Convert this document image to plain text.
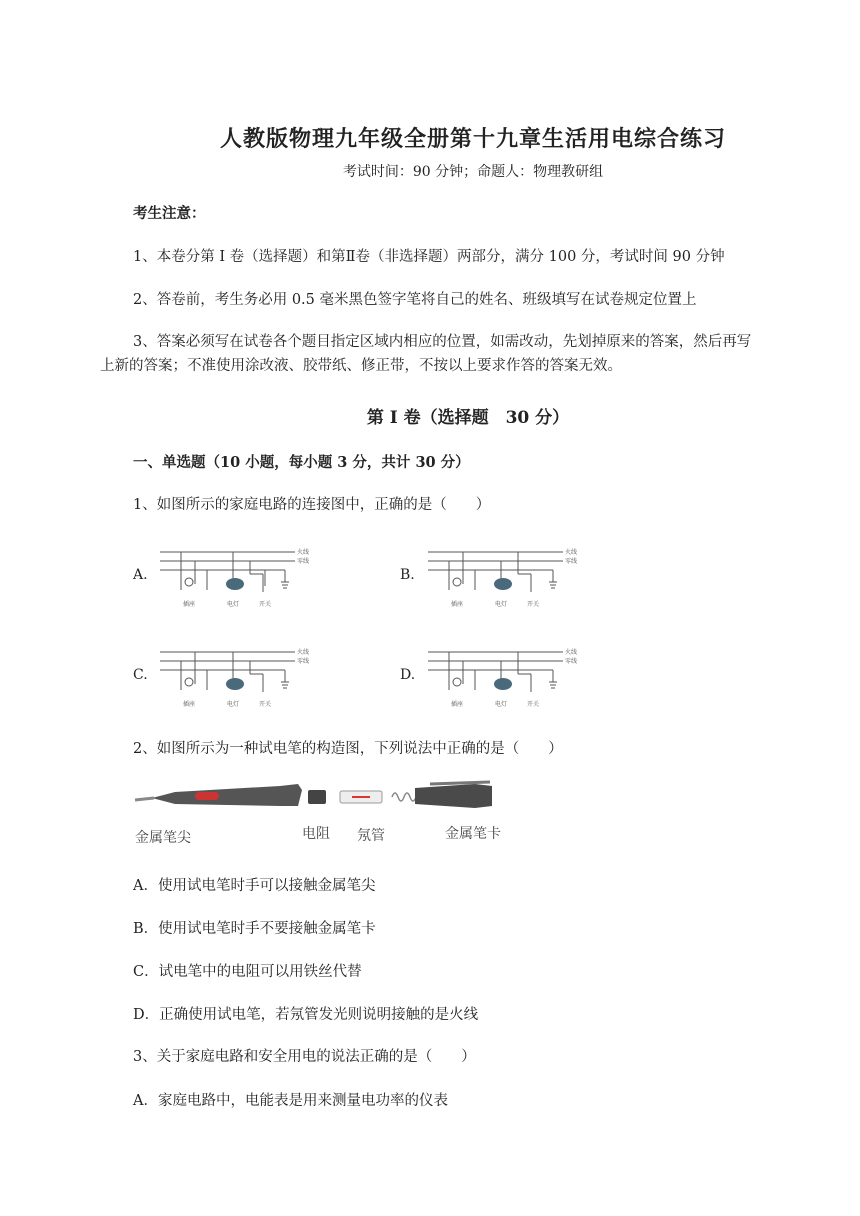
人教版物理九年级全册第十九章生活用电综合练习
考试时间：90 分钟；命题人：物理教研组
考生注意：
1、本卷分第 I 卷（选择题）和第Ⅱ卷（非选择题）两部分，满分 100 分，考试时间 90 分钟
2、答卷前，考生务必用 0.5 毫米黑色签字笔将自己的姓名、班级填写在试卷规定位置上
3、答案必须写在试卷各个题目指定区域内相应的位置，如需改动，先划掉原来的答案，然后再写
上新的答案；不准使用涂改液、胶带纸、修正带，不按以上要求作答的答案无效。
第 I 卷（选择题　30 分）
一、单选题（10 小题，每小题 3 分，共计 30 分）
1、如图所示的家庭电路的连接图中，正确的是（　　）
A.
火线
零线
插座	电灯	开关
B.
火线
零线
插座	电灯	开关
C.
火线
零线
插座	电灯	开关
D.
火线
零线
插座	电灯	开关
2、如图所示为一种试电笔的构造图，下列说法中正确的是（　　）
金属笔尖	电阻 氖管	金属笔卡
A．使用试电笔时手可以接触金属笔尖
B．使用试电笔时手不要接触金属笔卡
C．试电笔中的电阻可以用铁丝代替
D．正确使用试电笔，若氖管发光则说明接触的是火线
3、关于家庭电路和安全用电的说法正确的是（　　）
A．家庭电路中，电能表是用来测量电功率的仪表
